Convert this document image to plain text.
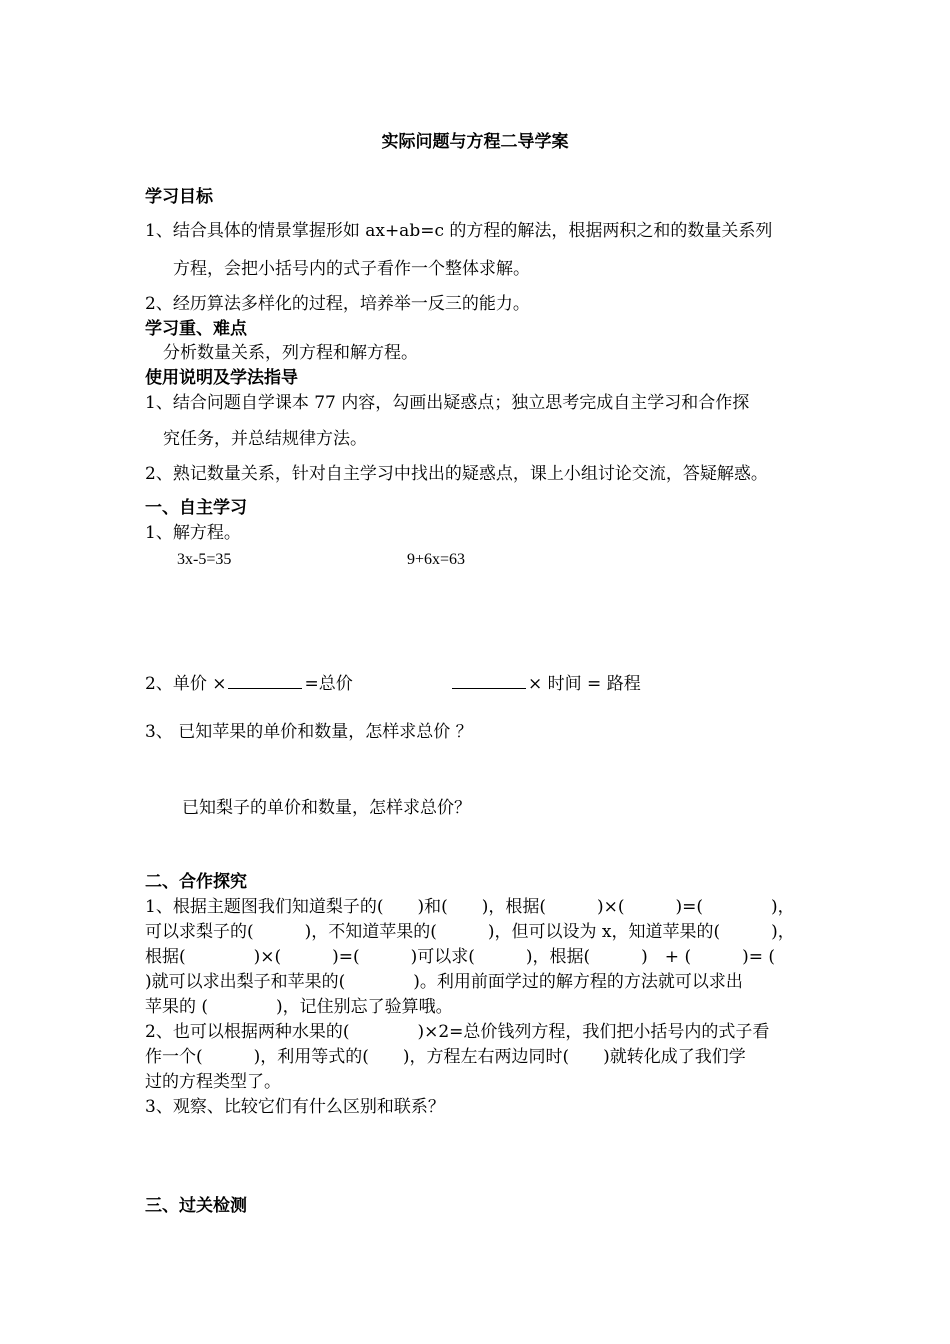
实际问题与方程二导学案
学习目标
1、结合具体的情景掌握形如 ax+ab=c 的方程的解法，根据两积之和的数量关系列
方程，会把小括号内的式子看作一个整体求解。
2、经历算法多样化的过程，培养举一反三的能力。
学习重、难点
分析数量关系，列方程和解方程。
使用说明及学法指导
1、结合问题自学课本 77 内容，勾画出疑惑点；独立思考完成自主学习和合作探
究任务，并总结规律方法。
2、熟记数量关系，针对自主学习中找出的疑惑点，课上小组讨论交流，答疑解惑。
一、自主学习
1、解方程。
3x-5=35	9+6x=63
2、单价 ×	=总价	× 时间 = 路程
3、 已知苹果的单价和数量，怎样求总价 ？
已知梨子的单价和数量，怎样求总价？
二、合作探究
1、根据主题图我们知道梨子的(　　)和(　　)，根据(　　　)×(　　　)=(　　　　)，
可以求梨子的(　　　)，不知道苹果的(　　　)，但可以设为 x，知道苹果的(　　　)，
根据(　　　　)×(　　　)=(　　　)可以求(　　　)，根据(　　　)　+ (　　　)= (
)就可以求出梨子和苹果的(　　　　)。利用前面学过的解方程的方法就可以求出
苹果的 (　　　　)，记住别忘了验算哦。
2、也可以根据两种水果的(　　　　)×2=总价钱列方程，我们把小括号内的式子看
作一个(　　　)，利用等式的(　　)，方程左右两边同时(　　)就转化成了我们学
过的方程类型了。
3、观察、比较它们有什么区别和联系？
三、过关检测
